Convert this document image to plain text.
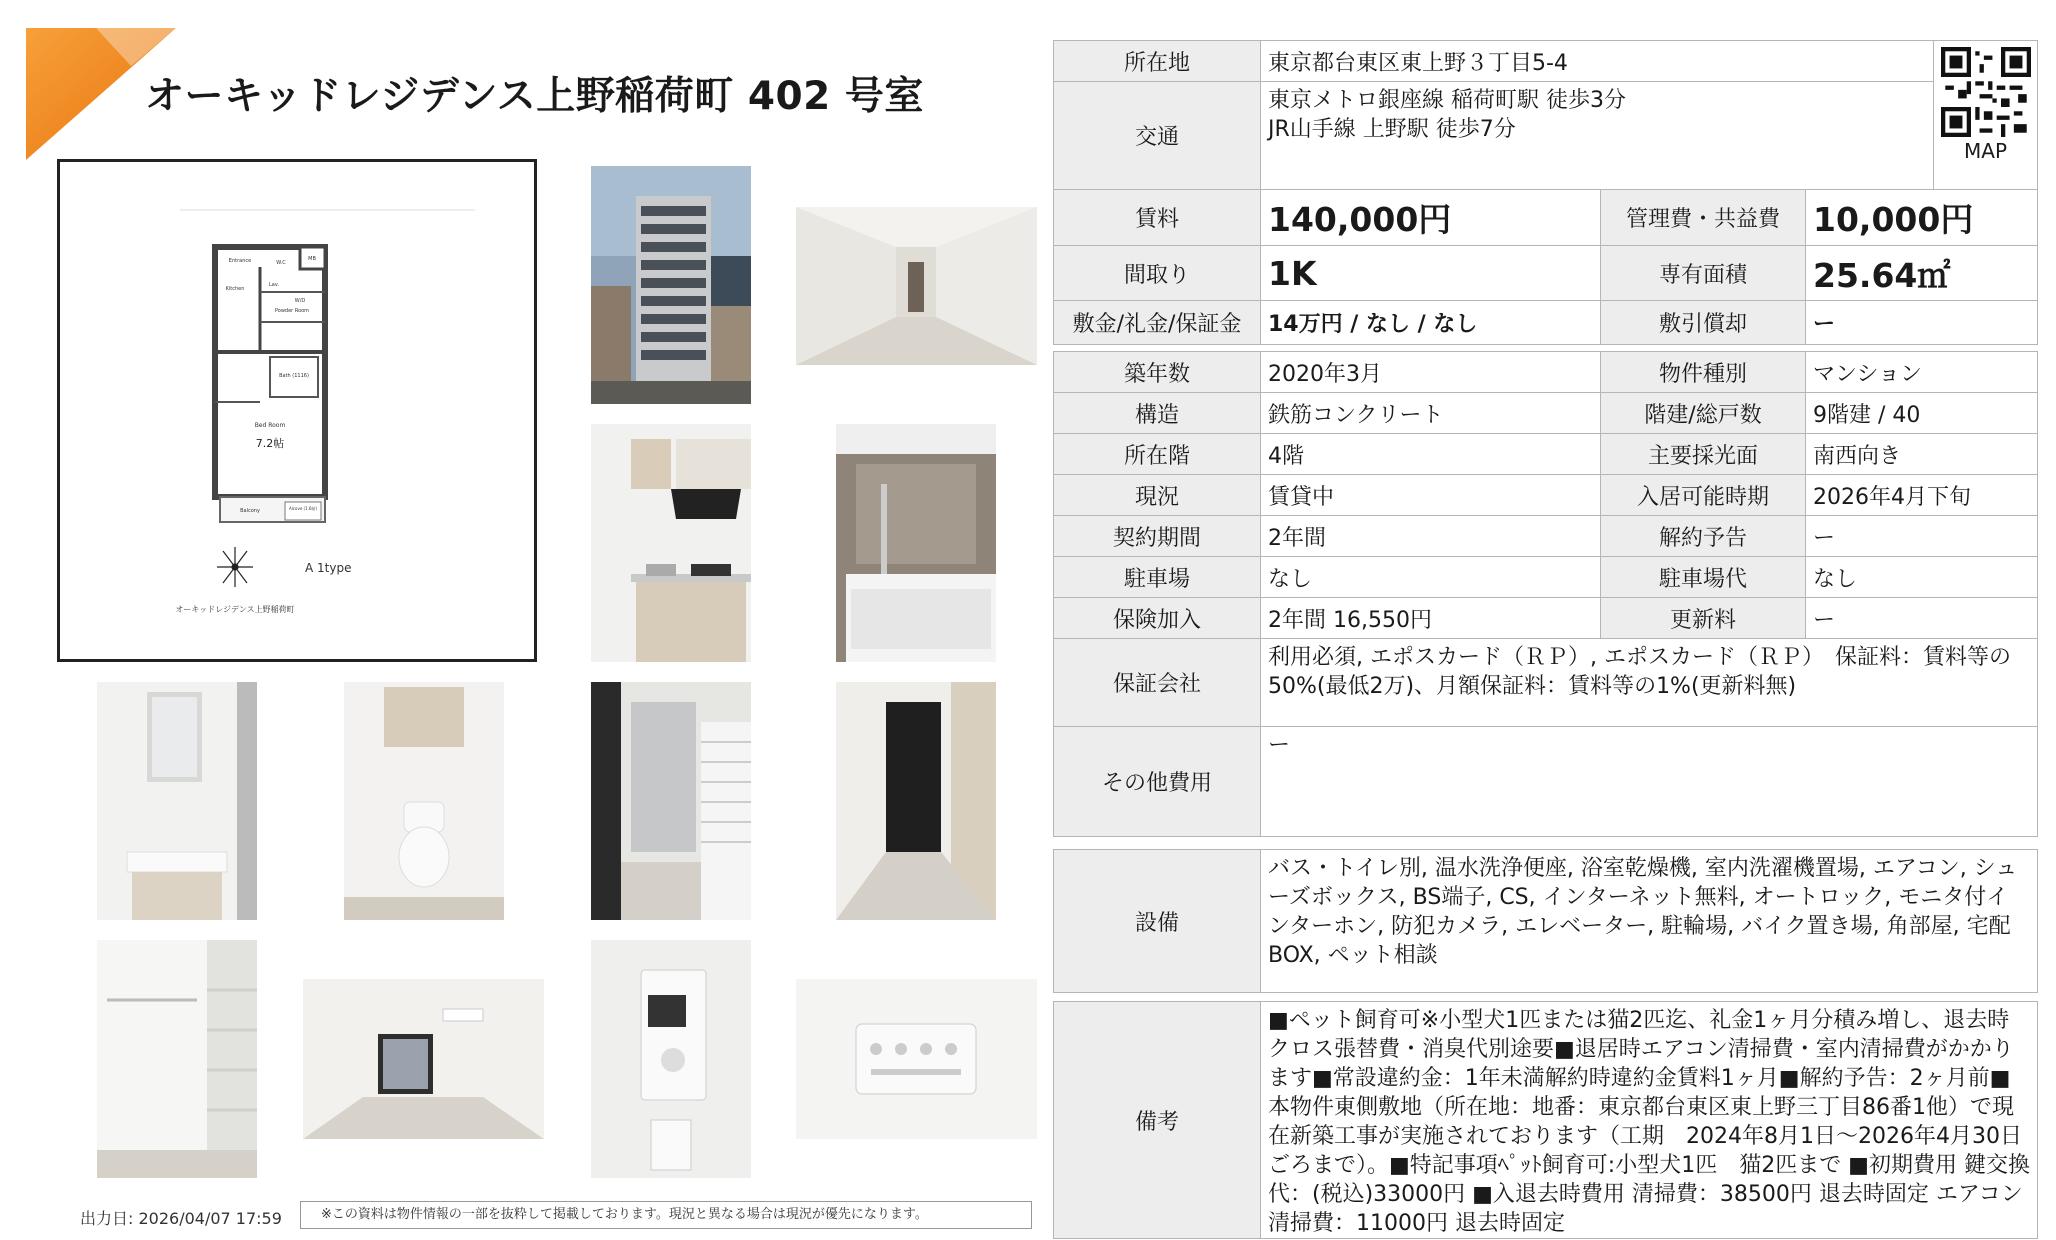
オーキッドレジデンス上野稲荷町 402 号室
Entrance	W.C
MB
Kitchen
Lav.
Powder Room
Bath (1116)
W/D
Bed Room
7.2帖
Balcony	Alcove (1.6帖)
A 1type
オーキッドレジデンス上野稲荷町
出力日: 2026/04/07 17:59	※この資料は物件情報の一部を抜粋して掲載しております。現況と異なる場合は現況が優先になります。
所在地	東京都台東区東上野３丁目5-4			MAP

交通	東京メトロ銀座線 稲荷町駅 徒歩3分
JR山手線 上野駅 徒歩7分			

賃料	140,000円	管理費・共益費	10,000円	
間取り	1K	専有面積	25.64㎡	
敷金/礼金/保証金	14万円 / なし / なし	敷引償却	ー	
築年数	2020年3月	物件種別	マンション
構造	鉄筋コンクリート	階建/総戸数	9階建 / 40
所在階	4階	主要採光面	南西向き
現況	賃貸中	入居可能時期	2026年4月下旬
契約期間	2年間	解約予告	ー
駐車場	なし	駐車場代	なし
保険加入	2年間 16,550円	更新料	ー
保証会社	利用必須, エポスカード（ＲＰ）, エポスカード（ＲＰ）　保証料：賃料等の50%(最低2万)、月額保証料：賃料等の1%(更新料無)		
その他費用	ー		
設備	バス・トイレ別, 温水洗浄便座, 浴室乾燥機, 室内洗濯機置場, エアコン, シューズボックス, BS端子, CS, インターネット無料, オートロック, モニタ付インターホン, 防犯カメラ, エレベーター, 駐輪場, バイク置き場, 角部屋, 宅配BOX, ペット相談
備考	■ペット飼育可※小型犬1匹または猫2匹迄、礼金1ヶ月分積み増し、退去時クロス張替費・消臭代別途要■退居時エアコン清掃費・室内清掃費がかかります■常設違約金：1年未満解約時違約金賃料1ヶ月■解約予告：2ヶ月前■本物件東側敷地（所在地：地番：東京都台東区東上野三丁目86番1他）で現在新築工事が実施されております（工期　2024年8月1日〜2026年4月30日ごろまで）。■特記事項ﾍﾟｯﾄ飼育可:小型犬1匹　猫2匹まで ■初期費用 鍵交換代：(税込)33000円 ■入退去時費用 清掃費：38500円 退去時固定 エアコン清掃費：11000円 退去時固定
